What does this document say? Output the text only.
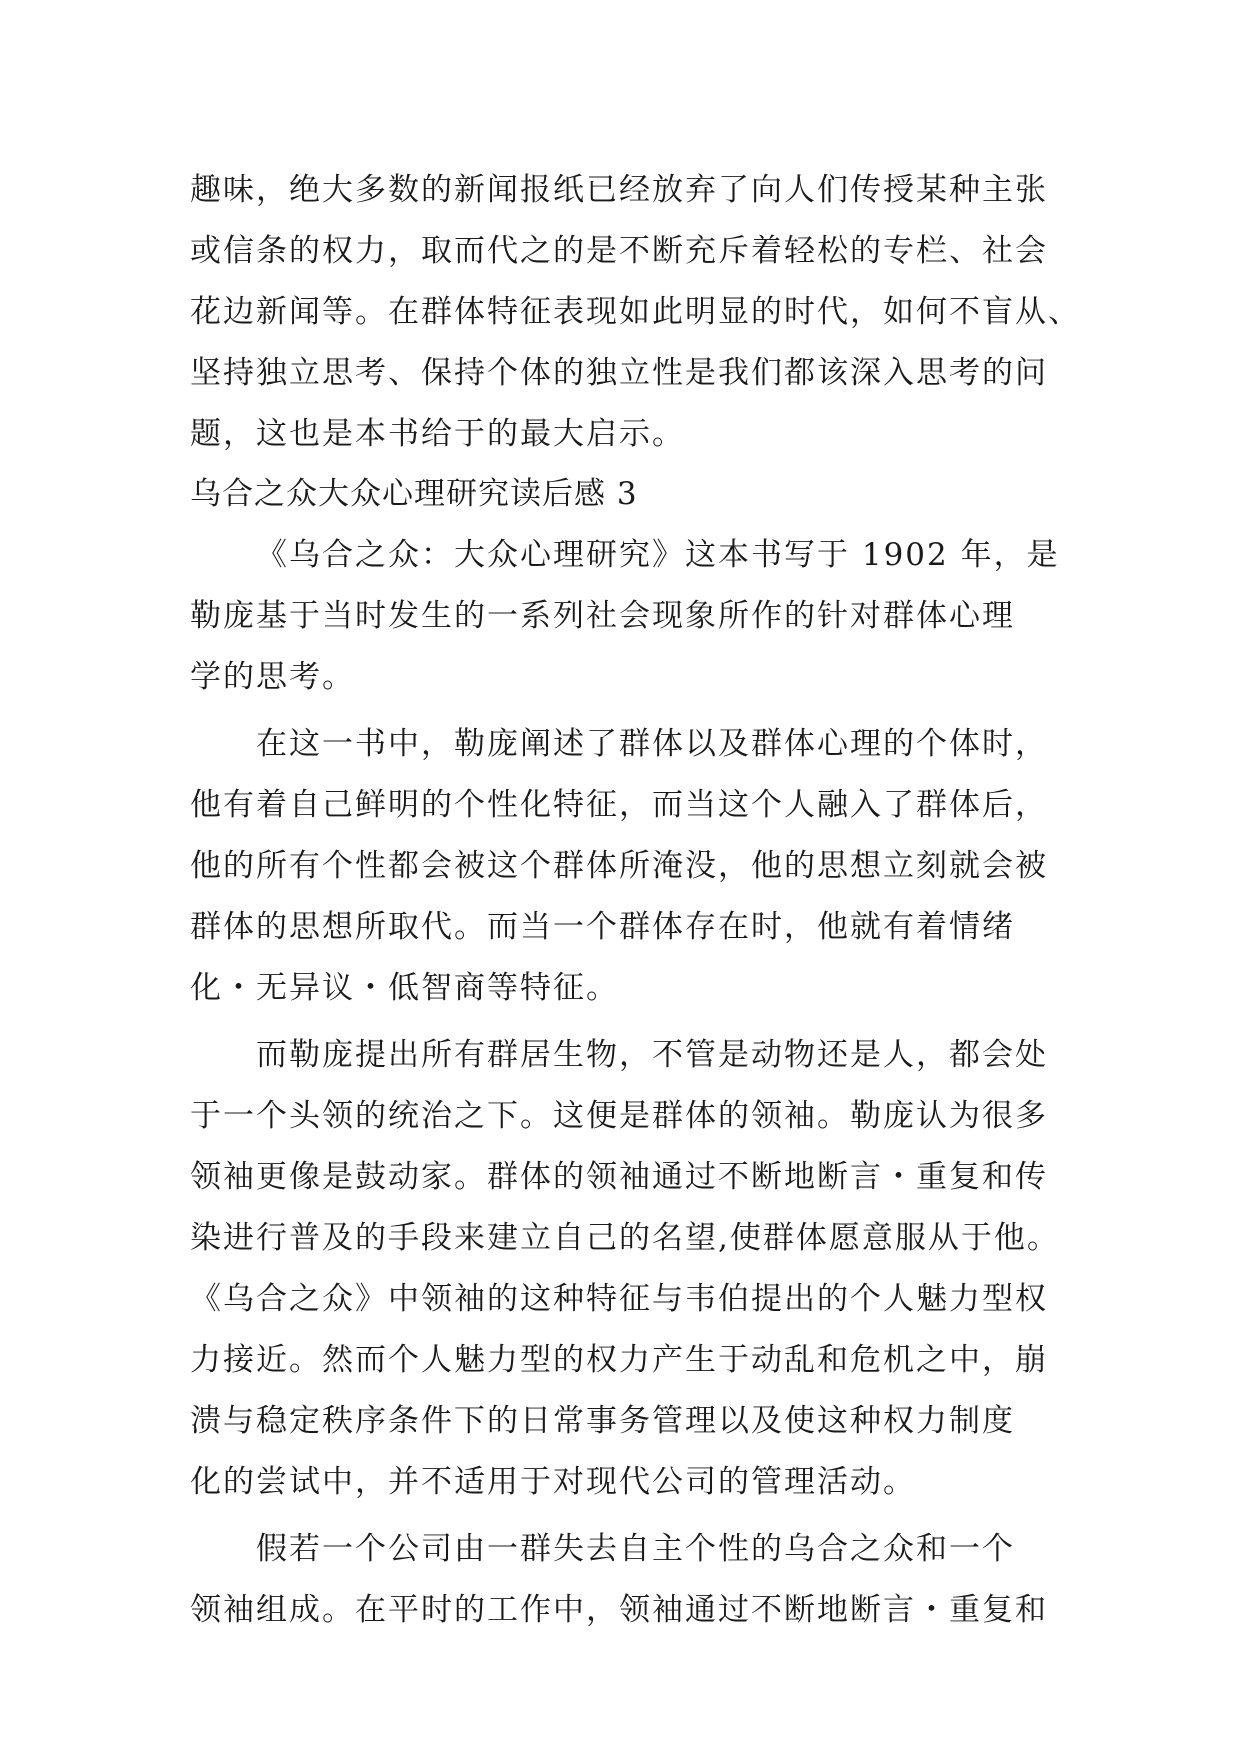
趣味，绝大多数的新闻报纸已经放弃了向人们传授某种主张
或信条的权力，取而代之的是不断充斥着轻松的专栏、社会
花边新闻等。在群体特征表现如此明显的时代，如何不盲从、
坚持独立思考、保持个体的独立性是我们都该深入思考的问
题，这也是本书给于的最大启示。
乌合之众大众心理研究读后感 3
《乌合之众：大众心理研究》这本书写于 1902 年，是
勒庞基于当时发生的一系列社会现象所作的针对群体心理
学的思考。
在这一书中，勒庞阐述了群体以及群体心理的个体时，
他有着自己鲜明的个性化特征，而当这个人融入了群体后，
他的所有个性都会被这个群体所淹没，他的思想立刻就会被
群体的思想所取代。而当一个群体存在时，他就有着情绪
化・无异议・低智商等特征。
而勒庞提出所有群居生物，不管是动物还是人，都会处
于一个头领的统治之下。这便是群体的领袖。勒庞认为很多
领袖更像是鼓动家。群体的领袖通过不断地断言・重复和传
染进行普及的手段来建立自己的名望,使群体愿意服从于他。
《乌合之众》中领袖的这种特征与韦伯提出的个人魅力型权
力接近。然而个人魅力型的权力产生于动乱和危机之中，崩
溃与稳定秩序条件下的日常事务管理以及使这种权力制度
化的尝试中，并不适用于对现代公司的管理活动。
假若一个公司由一群失去自主个性的乌合之众和一个
领袖组成。在平时的工作中，领袖通过不断地断言・重复和
